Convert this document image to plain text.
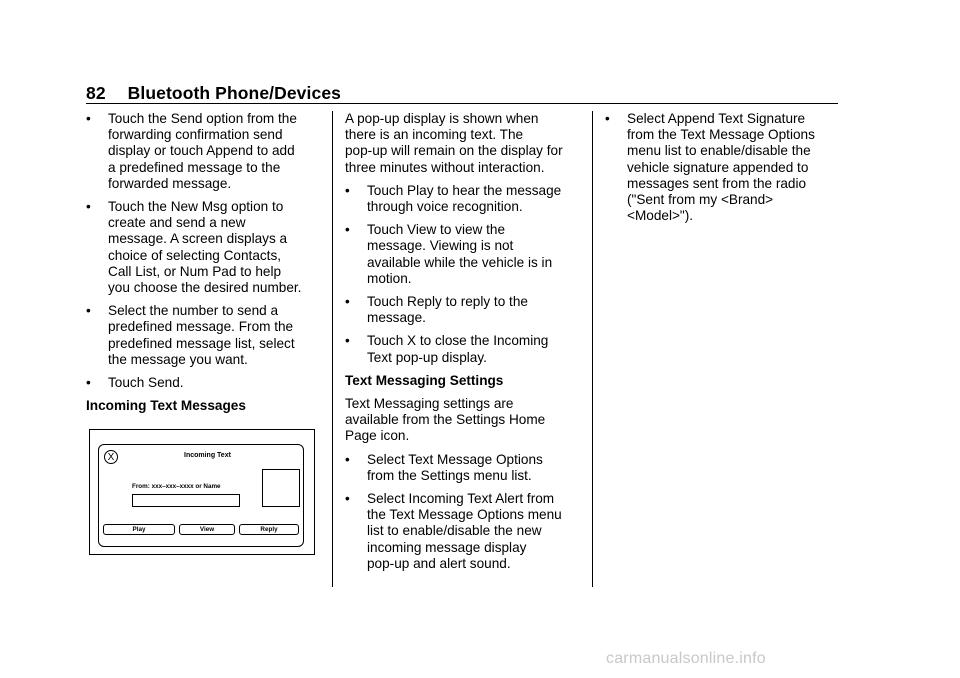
82 Bluetooth Phone/Devices
• Touch the Send option from the
forwarding confirmation send
display or touch Append to add
a predefined message to the
forwarded message.
• Touch the New Msg option to
create and send a new
message. A screen displays a
choice of selecting Contacts,
Call List, or Num Pad to help
you choose the desired number.
• Select the number to send a
predefined message. From the
predefined message list, select
the message you want.
• Touch Send.
Incoming Text Messages
X	Incoming Text
From: xxx–xxx–xxxx or Name
Play	View	Reply
A pop-up display is shown when
there is an incoming text. The
pop-up will remain on the display for
three minutes without interaction.
• Touch Play to hear the message
through voice recognition.
• Touch View to view the
message. Viewing is not
available while the vehicle is in
motion.
• Touch Reply to reply to the
message.
• Touch X to close the Incoming
Text pop-up display.
Text Messaging Settings
Text Messaging settings are
available from the Settings Home
Page icon.
• Select Text Message Options
from the Settings menu list.
• Select Incoming Text Alert from
the Text Message Options menu
list to enable/disable the new
incoming message display
pop-up and alert sound.
• Select Append Text Signature
from the Text Message Options
menu list to enable/disable the
vehicle signature appended to
messages sent from the radio
("Sent from my <Brand>
<Model>").
carmanualsonline.info
